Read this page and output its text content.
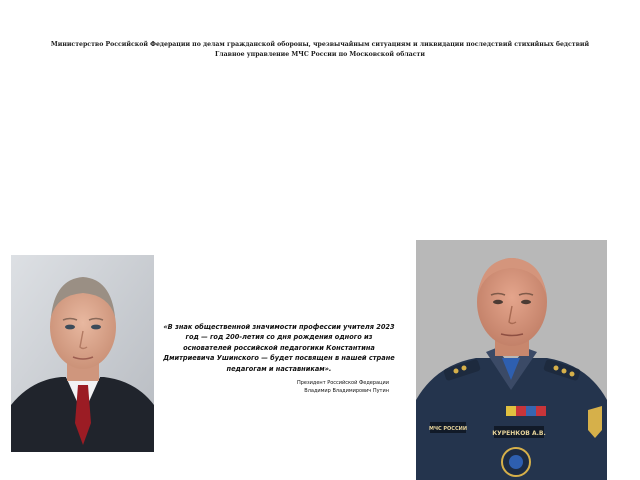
Министерство Российской Федерации по делам гражданской обороны, чрезвычайным ситуациям и ликвидации последствий стихийных бедствий
Главное управление МЧС России по Московской области

«В знак общественной значимости профессии учителя 2023 год — год 200-летия со дня рождения одного из основателей российской педагогики Константина Дмитриевича Ушинского — будет посвящен в нашей стране педагогам и наставникам».

Президент Российской Федерации
Владимир Владимирович Путин
КУРЕНКОВ А.В.
МЧС РОССИИ
